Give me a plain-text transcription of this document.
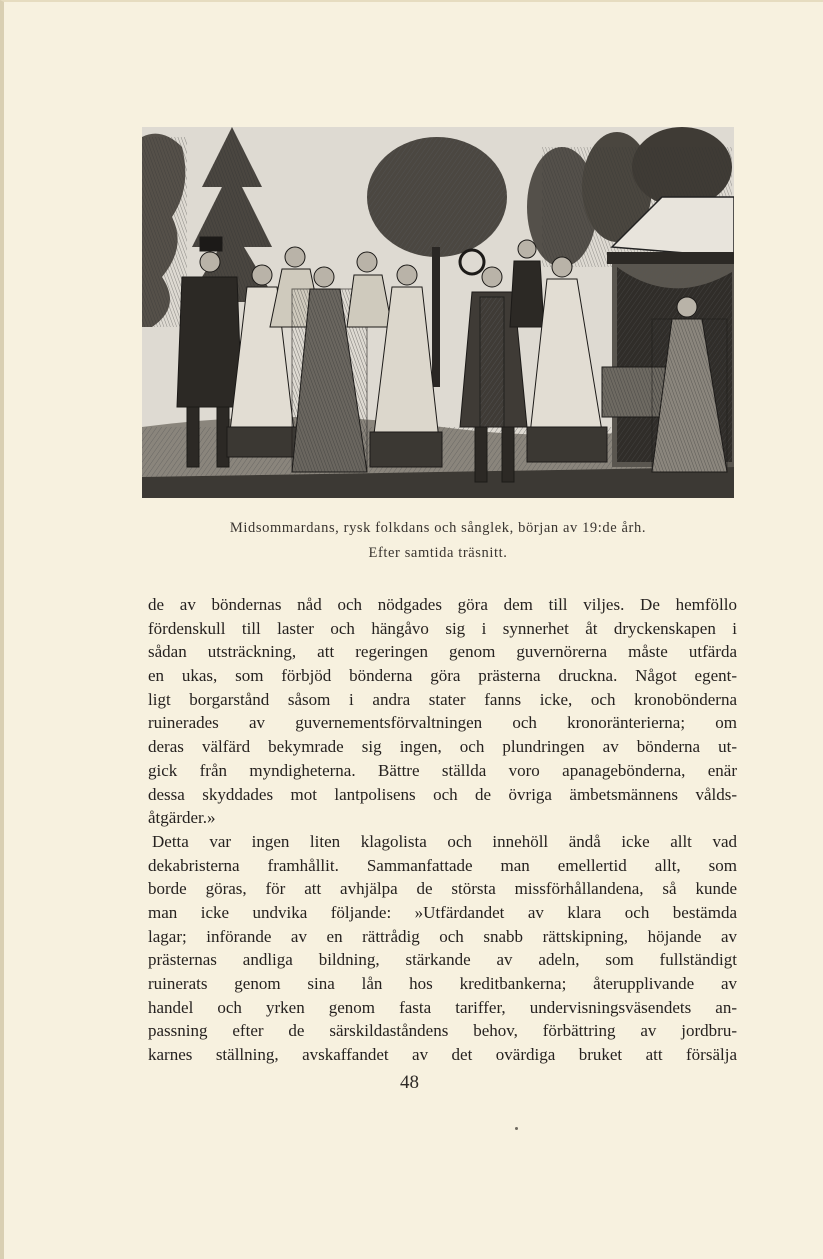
Midsommardans, rysk folkdans och sånglek, början av 19:de årh.
Efter samtida träsnitt.
de av böndernas nåd och nödgades göra dem till viljes. De hemföllo
fördenskull till laster och hängåvo sig i synnerhet åt dryckenskapen i
sådan utsträckning, att regeringen genom guvernörerna måste utfärda
en ukas, som förbjöd bönderna göra prästerna druckna. Något egent-
ligt borgarstånd såsom i andra stater fanns icke, och kronobönderna
ruinerades av guvernementsförvaltningen och kronoränterierna; om
deras välfärd bekymrade sig ingen, och plundringen av bönderna ut-
gick från myndigheterna. Bättre ställda voro apanagebönderna, enär
dessa skyddades mot lantpolisens och de övriga ämbetsmännens vålds-
åtgärder.»
Detta var ingen liten klagolista och innehöll ändå icke allt vad
dekabristerna framhållit. Sammanfattade man emellertid allt, som
borde göras, för att avhjälpa de största missförhållandena, så kunde
man icke undvika följande: »Utfärdandet av klara och bestämda
lagar; införande av en rättrådig och snabb rättskipning, höjande av
prästernas andliga bildning, stärkande av adeln, som fullständigt
ruinerats genom sina lån hos kreditbankerna; återupplivande av
handel och yrken genom fasta tariffer, undervisningsväsendets an-
passning efter de särskildaståndens behov, förbättring av jordbru-
karnes ställning, avskaffandet av det ovärdiga bruket att försälja
48
